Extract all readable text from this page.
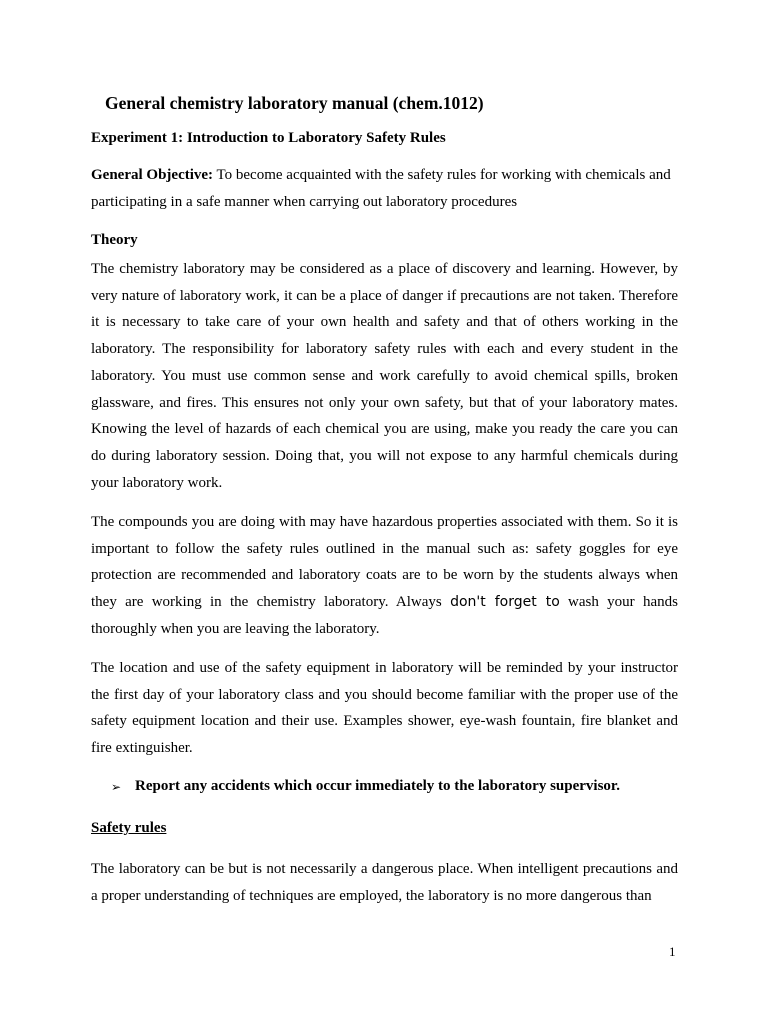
General chemistry laboratory manual (chem.1012)
Experiment 1: Introduction to Laboratory Safety Rules

General Objective: To become acquainted with the safety rules for working with chemicals and participating in a safe manner when carrying out laboratory procedures

Theory

The chemistry laboratory may be considered as a place of discovery and learning. However, by very nature of laboratory work, it can be a place of danger if precautions are not taken. Therefore it is necessary to take care of your own health and safety and that of others working in the laboratory. The responsibility for laboratory safety rules with each and every student in the laboratory. You must use common sense and work carefully to avoid chemical spills, broken glassware, and fires. This ensures not only your own safety, but that of your laboratory mates. Knowing the level of hazards of each chemical you are using, make you ready the care you can do during laboratory session. Doing that, you will not expose to any harmful chemicals during your laboratory work.

The compounds you are doing with may have hazardous properties associated with them. So it is important to follow the safety rules outlined in the manual such as: safety goggles for eye protection are recommended and laboratory coats are to be worn by the students always when they are working in the chemistry laboratory. Always don't forget to wash your hands thoroughly when you are leaving the laboratory.

The location and use of the safety equipment in laboratory will be reminded by your instructor the first day of your laboratory class and you should become familiar with the proper use of the safety equipment location and their use. Examples shower, eye-wash fountain, fire blanket and fire extinguisher.

➢ Report any accidents which occur immediately to the laboratory supervisor.

Safety rules

The laboratory can be but is not necessarily a dangerous place. When intelligent precautions and a proper understanding of techniques are employed, the laboratory is no more dangerous than

1
